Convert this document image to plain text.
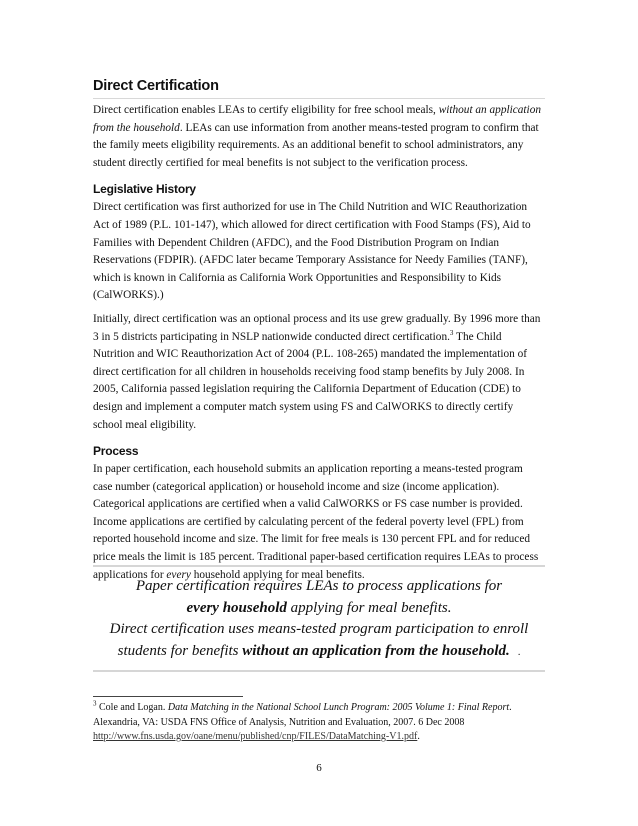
Direct Certification

Direct certification enables LEAs to certify eligibility for free school meals, without an application from the household. LEAs can use information from another means-tested program to confirm that the family meets eligibility requirements. As an additional benefit to school administrators, any student directly certified for meal benefits is not subject to the verification process.

Legislative History

Direct certification was first authorized for use in The Child Nutrition and WIC Reauthorization Act of 1989 (P.L. 101-147), which allowed for direct certification with Food Stamps (FS), Aid to Families with Dependent Children (AFDC), and the Food Distribution Program on Indian Reservations (FDPIR). (AFDC later became Temporary Assistance for Needy Families (TANF), which is known in California as California Work Opportunities and Responsibility to Kids (CalWORKS).)

Initially, direct certification was an optional process and its use grew gradually. By 1996 more than 3 in 5 districts participating in NSLP nationwide conducted direct certification.$^3$ The Child Nutrition and WIC Reauthorization Act of 2004 (P.L. 108-265) mandated the implementation of direct certification for all children in households receiving food stamp benefits by July 2008. In 2005, California passed legislation requiring the California Department of Education (CDE) to design and implement a computer match system using FS and CalWORKS to directly certify school meal eligibility.

Process

In paper certification, each household submits an application reporting a means-tested program case number (categorical application) or household income and size (income application). Categorical applications are certified when a valid CalWORKS or FS case number is provided. Income applications are certified by calculating percent of the federal poverty level (FPL) from reported household income and size. The limit for free meals is 130 percent FPL and for reduced price meals the limit is 185 percent. Traditional paper-based certification requires LEAs to process applications for every household applying for meal benefits.

Paper certification requires LEAs to process applications for
every household applying for meal benefits.
Direct certification uses means-tested program participation to enroll
students for benefits without an application from the household. .
$^3$ Cole and Logan. Data Matching in the National School Lunch Program: 2005 Volume 1: Final Report. Alexandria, VA: USDA FNS Office of Analysis, Nutrition and Evaluation, 2007. 6 Dec 2008
http://www.fns.usda.gov/oane/menu/published/cnp/FILES/DataMatching-V1.pdf.
6
